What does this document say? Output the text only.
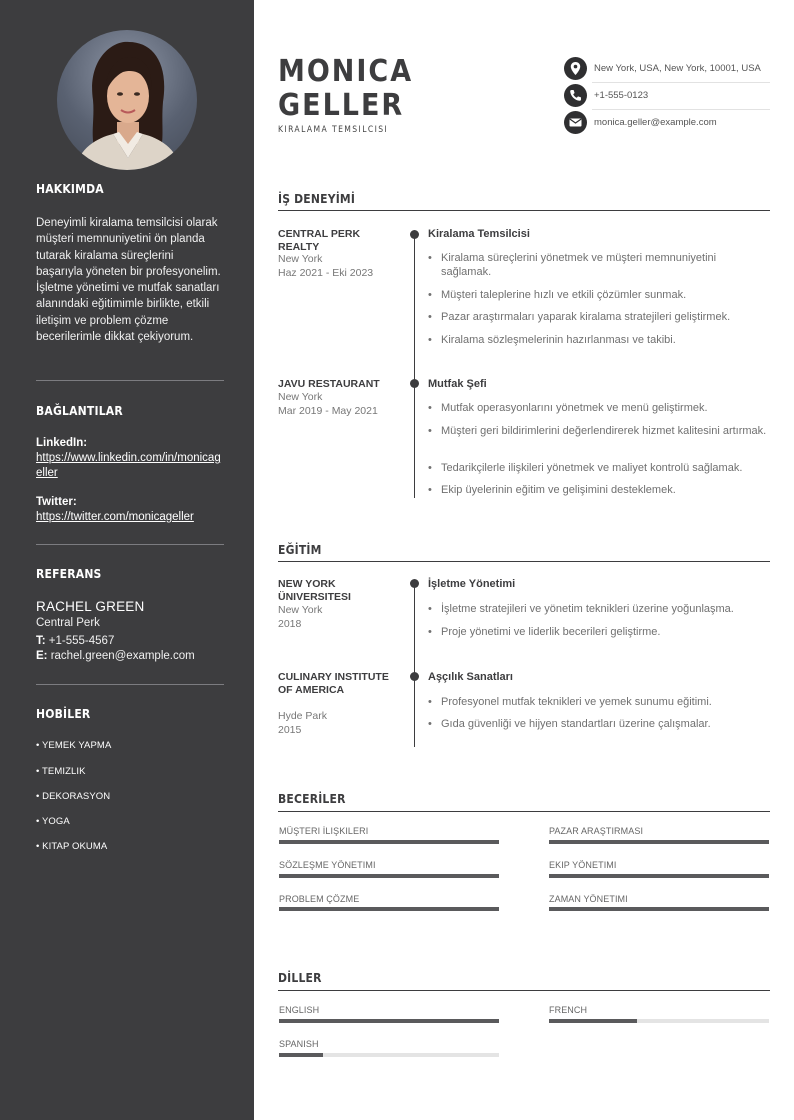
HAKKIMDA

Deneyimli kiralama temsilcisi olarak müşteri memnuniyetini ön planda tutarak kiralama süreçlerini başarıyla yöneten bir profesyonelim. İşletme yönetimi ve mutfak sanatları alanındaki eğitimimle birlikte, etkili iletişim ve problem çözme becerilerimle dikkat çekiyorum.

BAĞLANTILAR

LinkedIn:

https://www.linkedin.com/in/monicageller

Twitter:

https://twitter.com/monicageller
REFERANS

RACHEL GREEN

Central Perk

T: +1-555-4567

E: rachel.green@example.com

HOBİLER

• YEMEK YAPMA

• TEMIZLIK

• DEKORASYON

• YOGA

• KITAP OKUMA

MONICA
GELLER

KIRALAMA TEMSILCISI

New York, USA, New York, 10001, USA

+1-555-0123

monica.geller@example.com

İŞ DENEYİMİ

CENTRAL PERK REALTY

New York

Haz 2021 - Eki 2023

Kiralama Temsilcisi

• Kiralama süreçlerini yönetmek ve müşteri memnuniyetini sağlamak.

• Müşteri taleplerine hızlı ve etkili çözümler sunmak.

• Pazar araştırmaları yaparak kiralama stratejileri geliştirmek.

• Kiralama sözleşmelerinin hazırlanması ve takibi.

JAVU RESTAURANT

New York

Mar 2019 - May 2021

Mutfak Şefi

• Mutfak operasyonlarını yönetmek ve menü geliştirmek.

• Müşteri geri bildirimlerini değerlendirerek hizmet kalitesini artırmak.

• Tedarikçilerle ilişkileri yönetmek ve maliyet kontrolü sağlamak.

• Ekip üyelerinin eğitim ve gelişimini desteklemek.

EĞİTİM

NEW YORK ÜNIVERSITESI

New York

2018

İşletme Yönetimi

• İşletme stratejileri ve yönetim teknikleri üzerine yoğunlaşma.

• Proje yönetimi ve liderlik becerileri geliştirme.

CULINARY INSTITUTE OF AMERICA

Hyde Park

2015

Aşçılık Sanatları

• Profesyonel mutfak teknikleri ve yemek sunumu eğitimi.

• Gıda güvenliği ve hijyen standartları üzerine çalışmalar.

BECERİLER

MÜŞTERI İLIŞKILERI	PAZAR ARAŞTIRMASI

SÖZLEŞME YÖNETIMI	EKIP YÖNETIMI

PROBLEM ÇÖZME	ZAMAN YÖNETIMI

DİLLER

ENGLISH	FRENCH

SPANISH
